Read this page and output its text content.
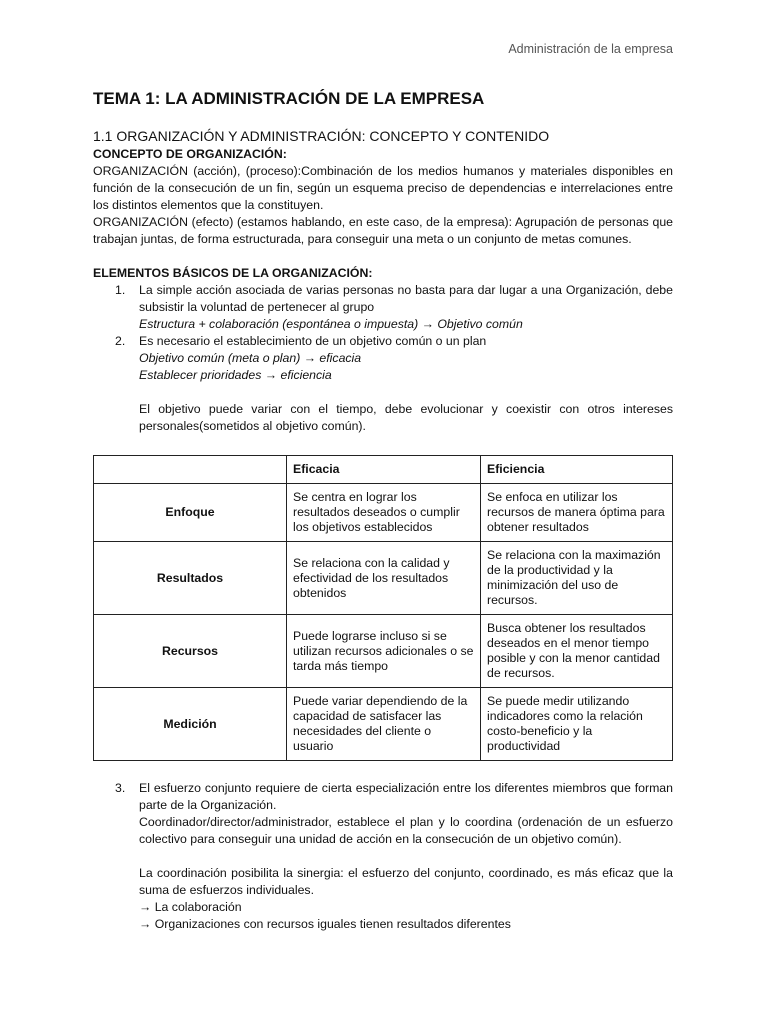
Administración de la empresa
TEMA 1: LA ADMINISTRACIÓN DE LA EMPRESA
1.1 ORGANIZACIÓN Y ADMINISTRACIÓN: CONCEPTO Y CONTENIDO

CONCEPTO DE ORGANIZACIÓN:

ORGANIZACIÓN (acción), (proceso):Combinación de los medios humanos y materiales disponibles en función de la consecución de un fin, según un esquema preciso de dependencias e interrelaciones entre los distintos elementos que la constituyen.

ORGANIZACIÓN (efecto) (estamos hablando, en este caso, de la empresa): Agrupación de personas que trabajan juntas, de forma estructurada, para conseguir una meta o un conjunto de metas comunes.

ELEMENTOS BÁSICOS DE LA ORGANIZACIÓN:

1. La simple acción asociada de varias personas no basta para dar lugar a una Organización, debe subsistir la voluntad de pertenecer al grupo

Estructura + colaboración (espontánea o impuesta) → Objetivo común

2. Es necesario el establecimiento de un objetivo común o un plan

Objetivo común (meta o plan) → eficacia

Establecer prioridades → eficiencia

El objetivo puede variar con el tiempo, debe evolucionar y coexistir con otros intereses personales(sometidos al objetivo común).

	Eficacia	Eficiencia
Enfoque	Se centra en lograr los resultados deseados o cumplir los objetivos establecidos	Se enfoca en utilizar los recursos de manera óptima para obtener resultados
Resultados	Se relaciona con la calidad y efectividad de los resultados obtenidos	Se relaciona con la maximazión de la productividad y la minimización del uso de recursos.
Recursos	Puede lograrse incluso si se utilizan recursos adicionales o se tarda más tiempo	Busca obtener los resultados deseados en el menor tiempo posible y con la menor cantidad de recursos.
Medición	Puede variar dependiendo de la capacidad de satisfacer las necesidades del cliente o usuario	Se puede medir utilizando indicadores como la relación costo-beneficio y la productividad
3. El esfuerzo conjunto requiere de cierta especialización entre los diferentes miembros que forman parte de la Organización.

Coordinador/director/administrador, establece el plan y lo coordina (ordenación de un esfuerzo colectivo para conseguir una unidad de acción en la consecución de un objetivo común).

La coordinación posibilita la sinergia: el esfuerzo del conjunto, coordinado, es más eficaz que la suma de esfuerzos individuales.

→ La colaboración

→ Organizaciones con recursos iguales tienen resultados diferentes
